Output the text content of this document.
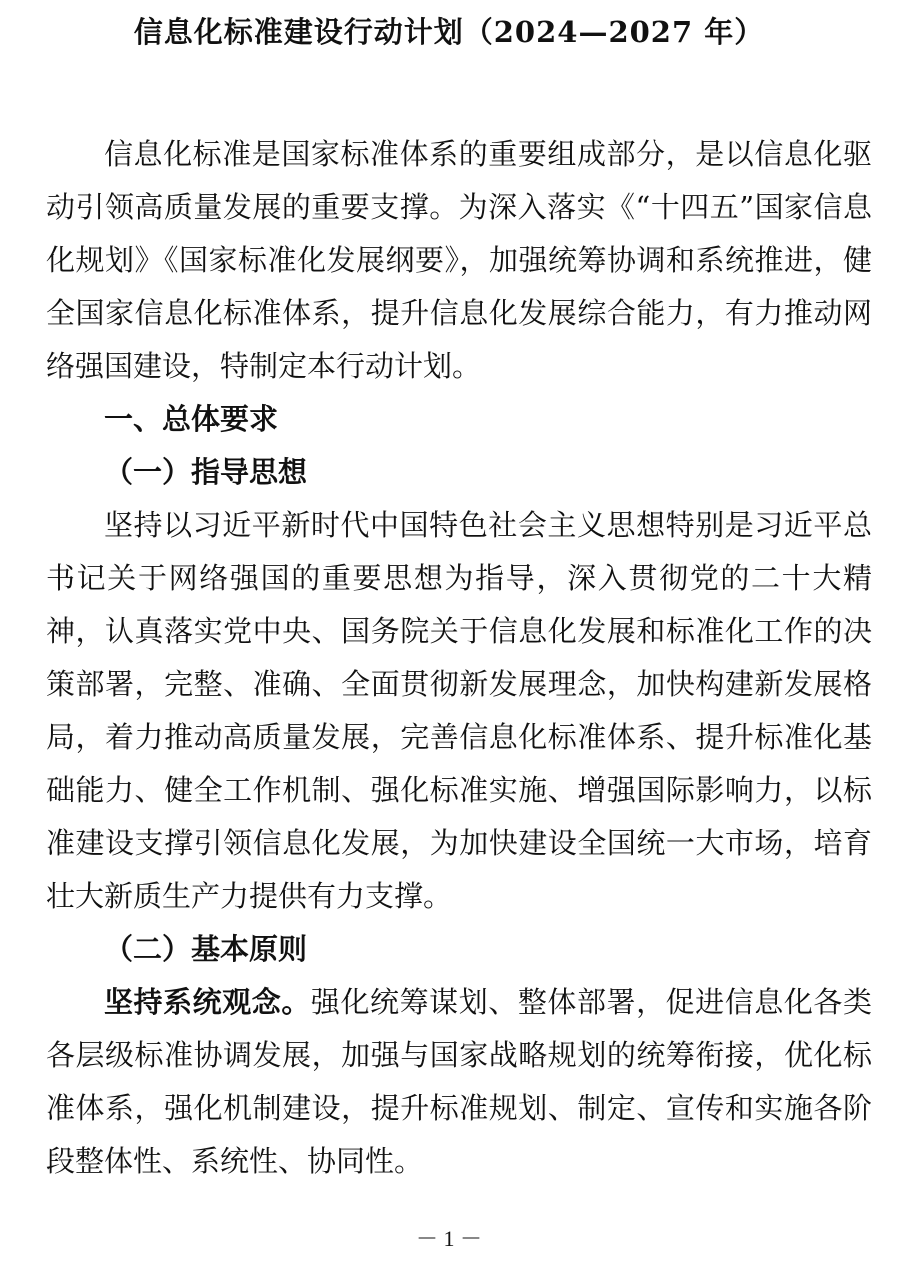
信息化标准建设行动计划（2024—2027 年）

信息化标准是国家标准体系的重要组成部分，是以信息化驱动引领高质量发展的重要支撑。为深入落实《“十四五”国家信息化规划》《国家标准化发展纲要》，加强统筹协调和系统推进，健全国家信息化标准体系，提升信息化发展综合能力，有力推动网络强国建设，特制定本行动计划。

一、总体要求

（一）指导思想

坚持以习近平新时代中国特色社会主义思想特别是习近平总书记关于网络强国的重要思想为指导，深入贯彻党的二十大精神，认真落实党中央、国务院关于信息化发展和标准化工作的决策部署，完整、准确、全面贯彻新发展理念，加快构建新发展格局，着力推动高质量发展，完善信息化标准体系、提升标准化基础能力、健全工作机制、强化标准实施、增强国际影响力，以标准建设支撑引领信息化发展，为加快建设全国统一大市场，培育壮大新质生产力提供有力支撑。

（二）基本原则

坚持系统观念。强化统筹谋划、整体部署，促进信息化各类各层级标准协调发展，加强与国家战略规划的统筹衔接，优化标准体系，强化机制建设，提升标准规划、制定、宣传和实施各阶段整体性、系统性、协同性。

－ 1 －
